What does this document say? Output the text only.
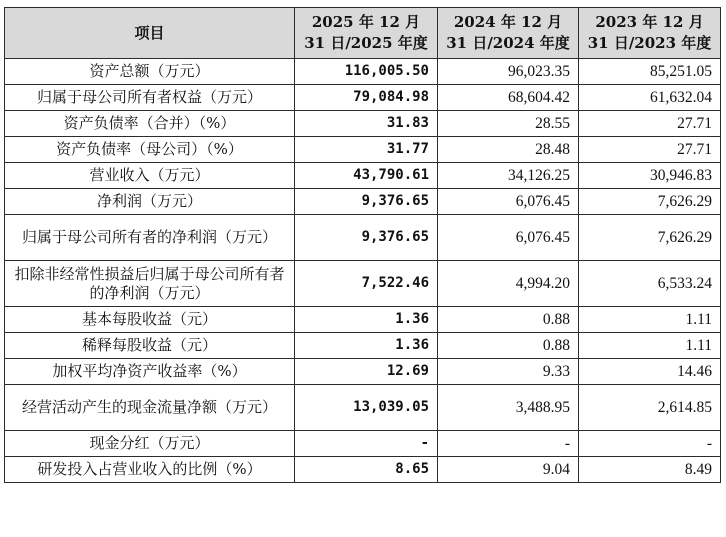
项目	2025 年 12 月 31 日/2025 年度	2024 年 12 月 31 日/2024 年度	2023 年 12 月 31 日/2023 年度
资产总额（万元）	116,005.50	96,023.35	85,251.05
归属于母公司所有者权益（万元）	79,084.98	68,604.42	61,632.04
资产负债率（合并）（%）	31.83	28.55	27.71
资产负债率（母公司）（%）	31.77	28.48	27.71
营业收入（万元）	43,790.61	34,126.25	30,946.83
净利润（万元）	9,376.65	6,076.45	7,626.29
归属于母公司所有者的净利润（万元）	9,376.65	6,076.45	7,626.29
扣除非经常性损益后归属于母公司所有者的净利润（万元）	7,522.46	4,994.20	6,533.24
基本每股收益（元）	1.36	0.88	1.11
稀释每股收益（元）	1.36	0.88	1.11
加权平均净资产收益率（%）	12.69	9.33	14.46
经营活动产生的现金流量净额（万元）	13,039.05	3,488.95	2,614.85
现金分红（万元）	-	-	-
研发投入占营业收入的比例（%）	8.65	9.04	8.49
